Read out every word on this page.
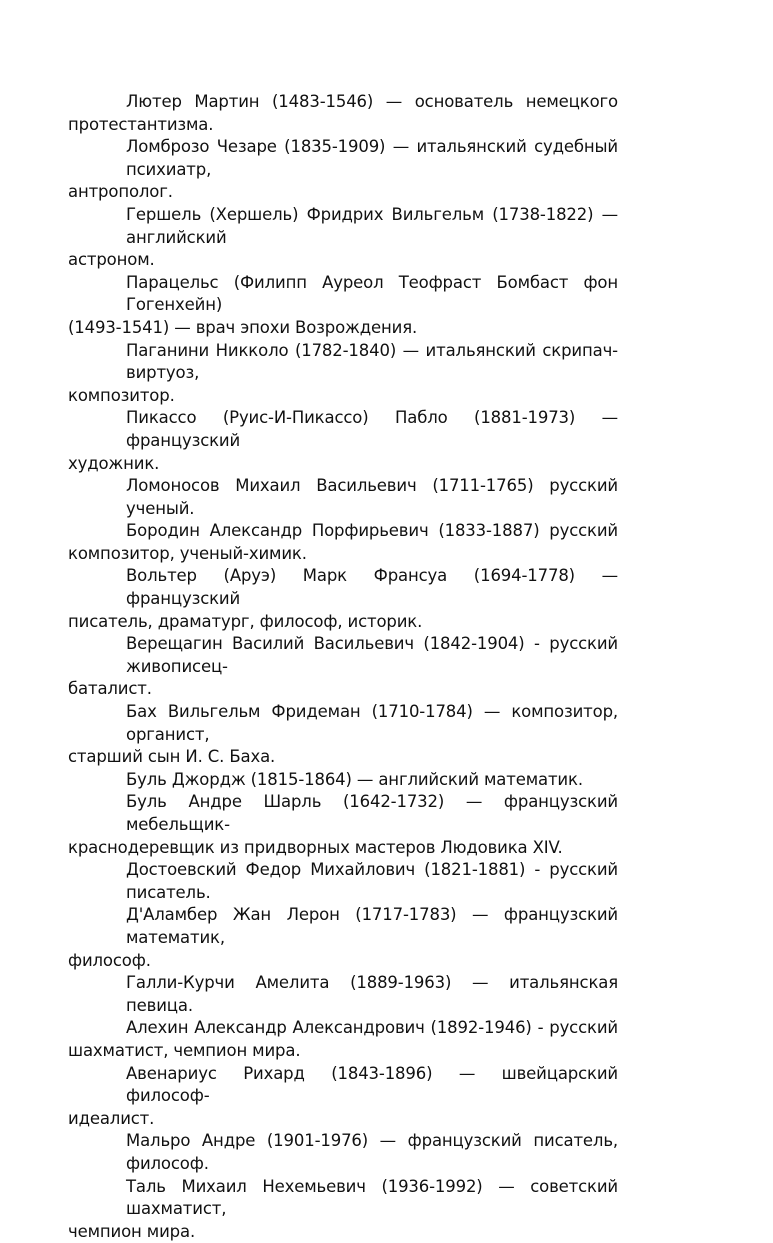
Лютер Мартин (1483-1546) — основатель немецкого
протестантизма.

Ломброзо Чезаре (1835-1909) — итальянский судебный психиатр,
антрополог.

Гершель (Хершель) Фридрих Вильгельм (1738-1822) — английский
астроном.

Парацельс (Филипп Ауреол Теофраст Бомбаст фон Гогенхейн)
(1493-1541) — врач эпохи Возрождения.

Паганини Никколо (1782-1840) — итальянский скрипач-виртуоз,
композитор.

Пикассо (Руис-И-Пикассо) Пабло (1881-1973) — французский
художник.

Ломоносов Михаил Васильевич (1711-1765) русский ученый.

Бородин Александр Порфирьевич (1833-1887) русский
композитор, ученый-химик.

Вольтер (Аруэ) Марк Франсуа (1694-1778) — французский
писатель, драматург, философ, историк.

Верещагин Василий Васильевич (1842-1904) - русский живописец-
баталист.

Бах Вильгельм Фридеман (1710-1784) — композитор, органист,
старший сын И. С. Баха.

Буль Джордж (1815-1864) — английский математик.

Буль Андре Шарль (1642-1732) — французский мебельщик-
краснодеревщик из придворных мастеров Людовика XIV.

Достоевский Федор Михайлович (1821-1881) - русский писатель.

Д'Аламбер Жан Лерон (1717-1783) — французский математик,
философ.

Галли-Курчи Амелита (1889-1963) — итальянская певица.

Алехин Александр Александрович (1892-1946) - русский
шахматист, чемпион мира.

Авенариус Рихард (1843-1896) — швейцарский философ-
идеалист.

Мальро Андре (1901-1976) — французский писатель, философ.

Таль Михаил Нехемьевич (1936-1992) — советский шахматист,
чемпион мира.
